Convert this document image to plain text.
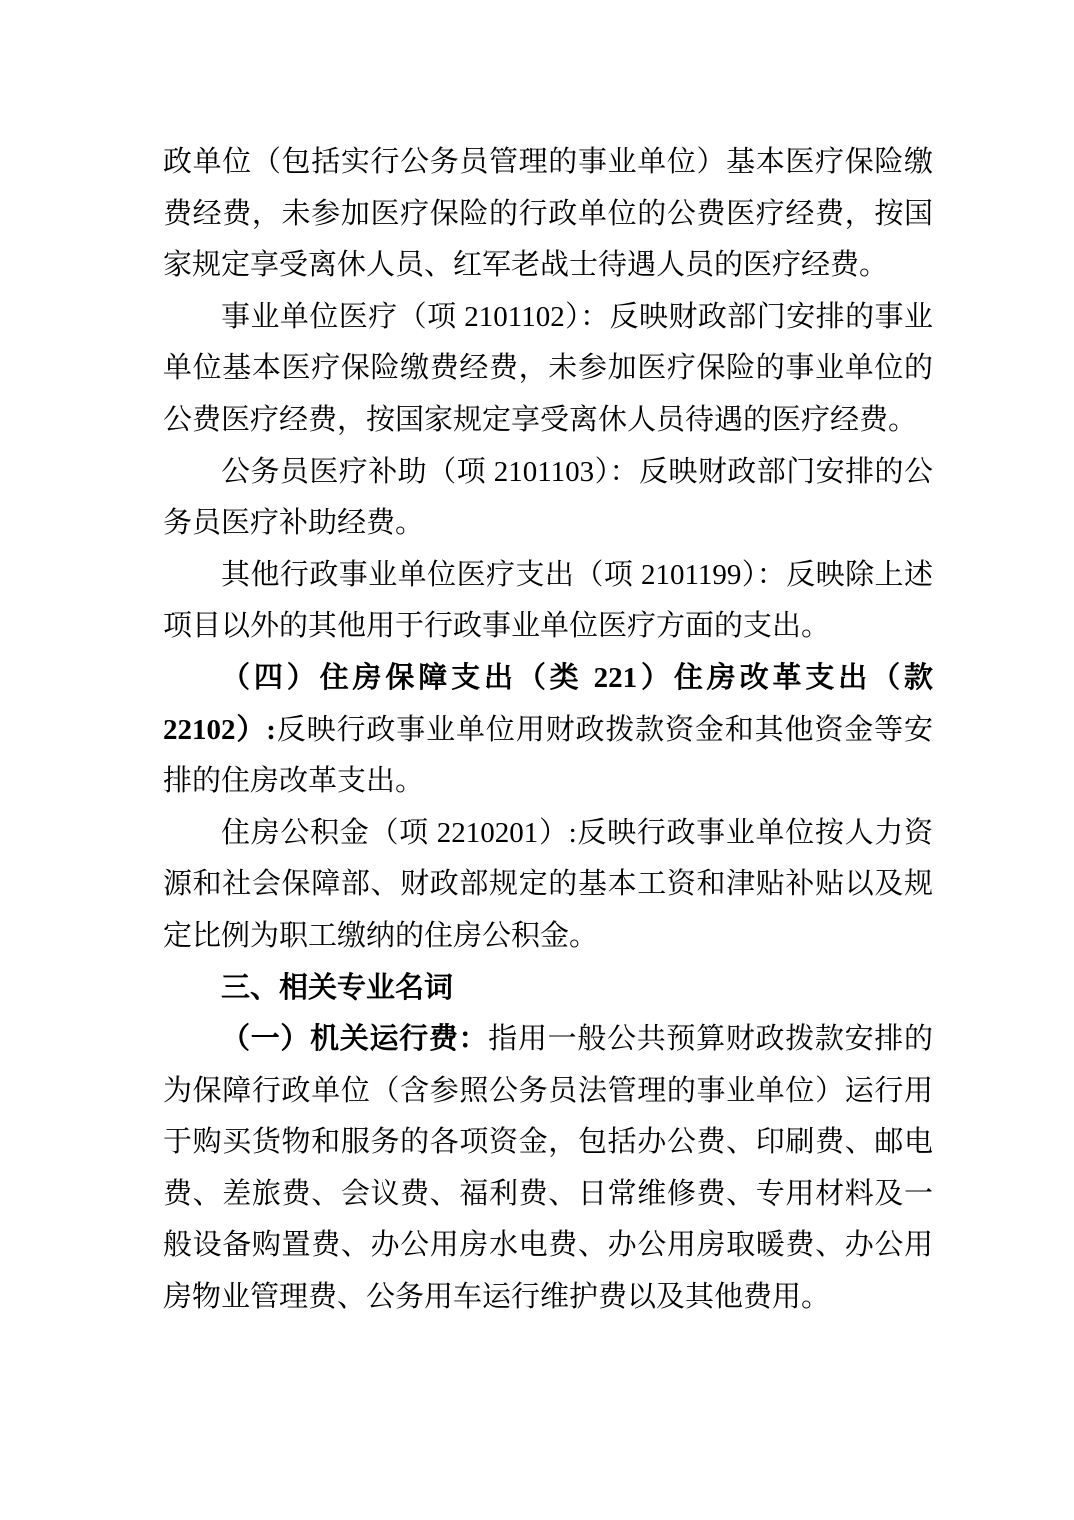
政单位（包括实行公务员管理的事业单位）基本医疗保险缴费经费，未参加医疗保险的行政单位的公费医疗经费，按国家规定享受离休人员、红军老战士待遇人员的医疗经费。

事业单位医疗（项 2101102）：反映财政部门安排的事业单位基本医疗保险缴费经费，未参加医疗保险的事业单位的公费医疗经费，按国家规定享受离休人员待遇的医疗经费。

公务员医疗补助（项 2101103）：反映财政部门安排的公务员医疗补助经费。

其他行政事业单位医疗支出（项 2101199）：反映除上述项目以外的其他用于行政事业单位医疗方面的支出。

（四）住房保障支出（类 221）住房改革支出（款 22102）:反映行政事业单位用财政拨款资金和其他资金等安排的住房改革支出。

住房公积金（项 2210201）:反映行政事业单位按人力资源和社会保障部、财政部规定的基本工资和津贴补贴以及规定比例为职工缴纳的住房公积金。

三、相关专业名词

（一）机关运行费：指用一般公共预算财政拨款安排的为保障行政单位（含参照公务员法管理的事业单位）运行用于购买货物和服务的各项资金，包括办公费、印刷费、邮电费、差旅费、会议费、福利费、日常维修费、专用材料及一般设备购置费、办公用房水电费、办公用房取暖费、办公用房物业管理费、公务用车运行维护费以及其他费用。
